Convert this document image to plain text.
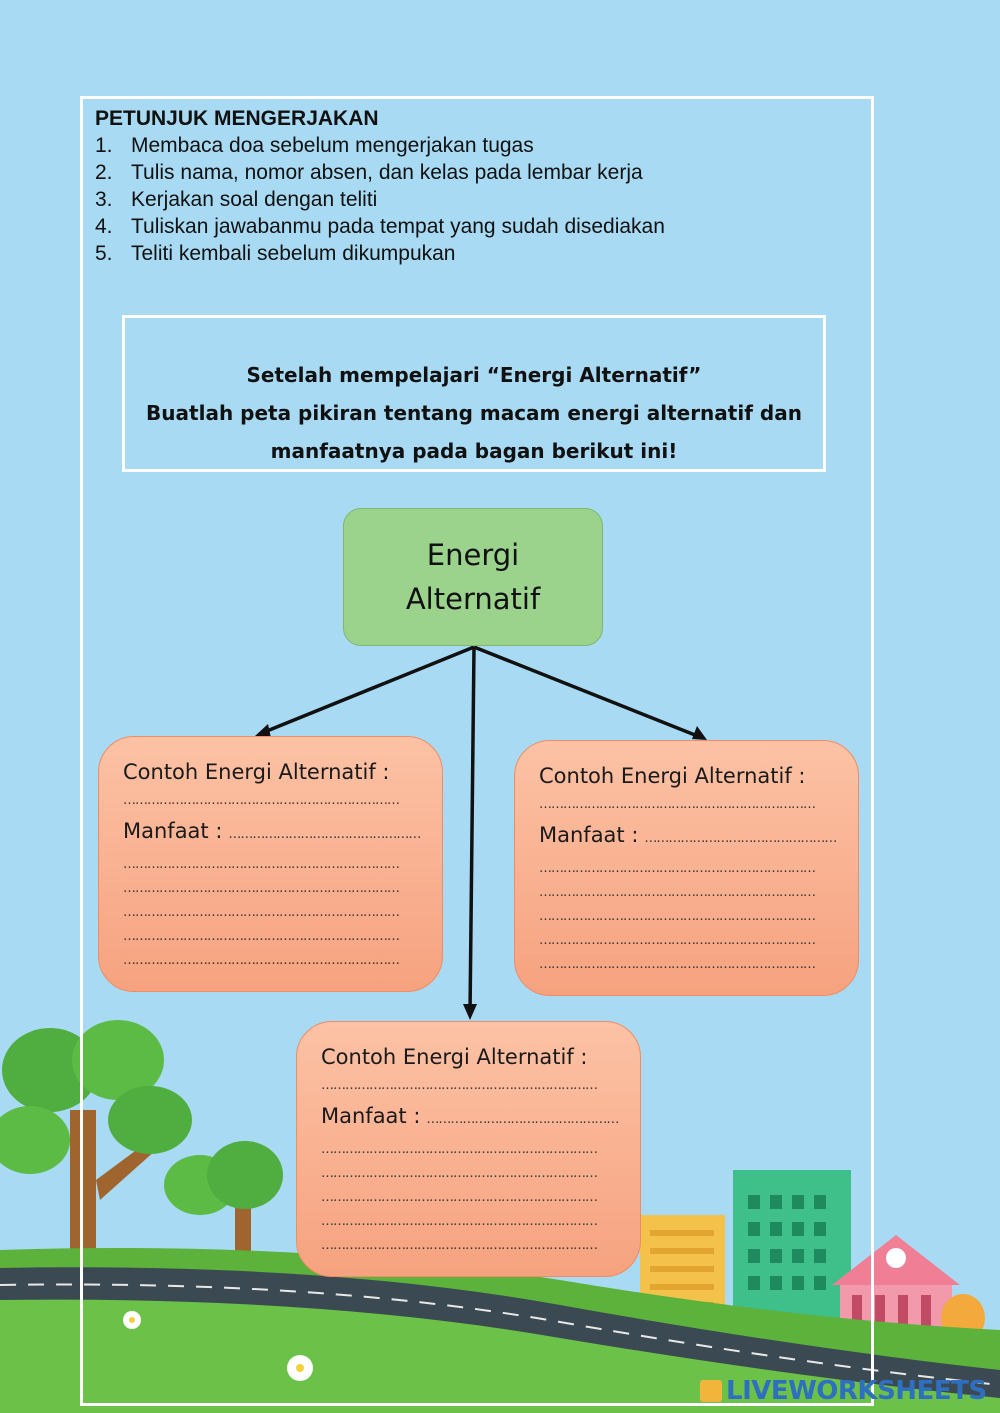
PETUNJUK MENGERJAKAN
1. Membaca doa sebelum mengerjakan tugas
2. Tulis nama, nomor absen, dan kelas pada lembar kerja
3. Kerjakan soal dengan teliti
4. Tuliskan jawabanmu pada tempat yang sudah disediakan
5. Teliti kembali sebelum dikumpukan
Setelah mempelajari “Energi Alternatif”
Buatlah peta pikiran tentang macam energi alternatif dan
manfaatnya pada bagan berikut ini!
Energi
Alternatif
Contoh Energi Alternatif :
……………………………………………………………
Manfaat : …………………………………………
……………………………………………………………
……………………………………………………………
……………………………………………………………
……………………………………………………………
……………………………………………………………
Contoh Energi Alternatif :
……………………………………………………………
Manfaat : …………………………………………
……………………………………………………………
……………………………………………………………
……………………………………………………………
……………………………………………………………
……………………………………………………………
Contoh Energi Alternatif :
……………………………………………………………
Manfaat : …………………………………………
……………………………………………………………
……………………………………………………………
……………………………………………………………
……………………………………………………………
……………………………………………………………
LIVEWORKSHEETS
